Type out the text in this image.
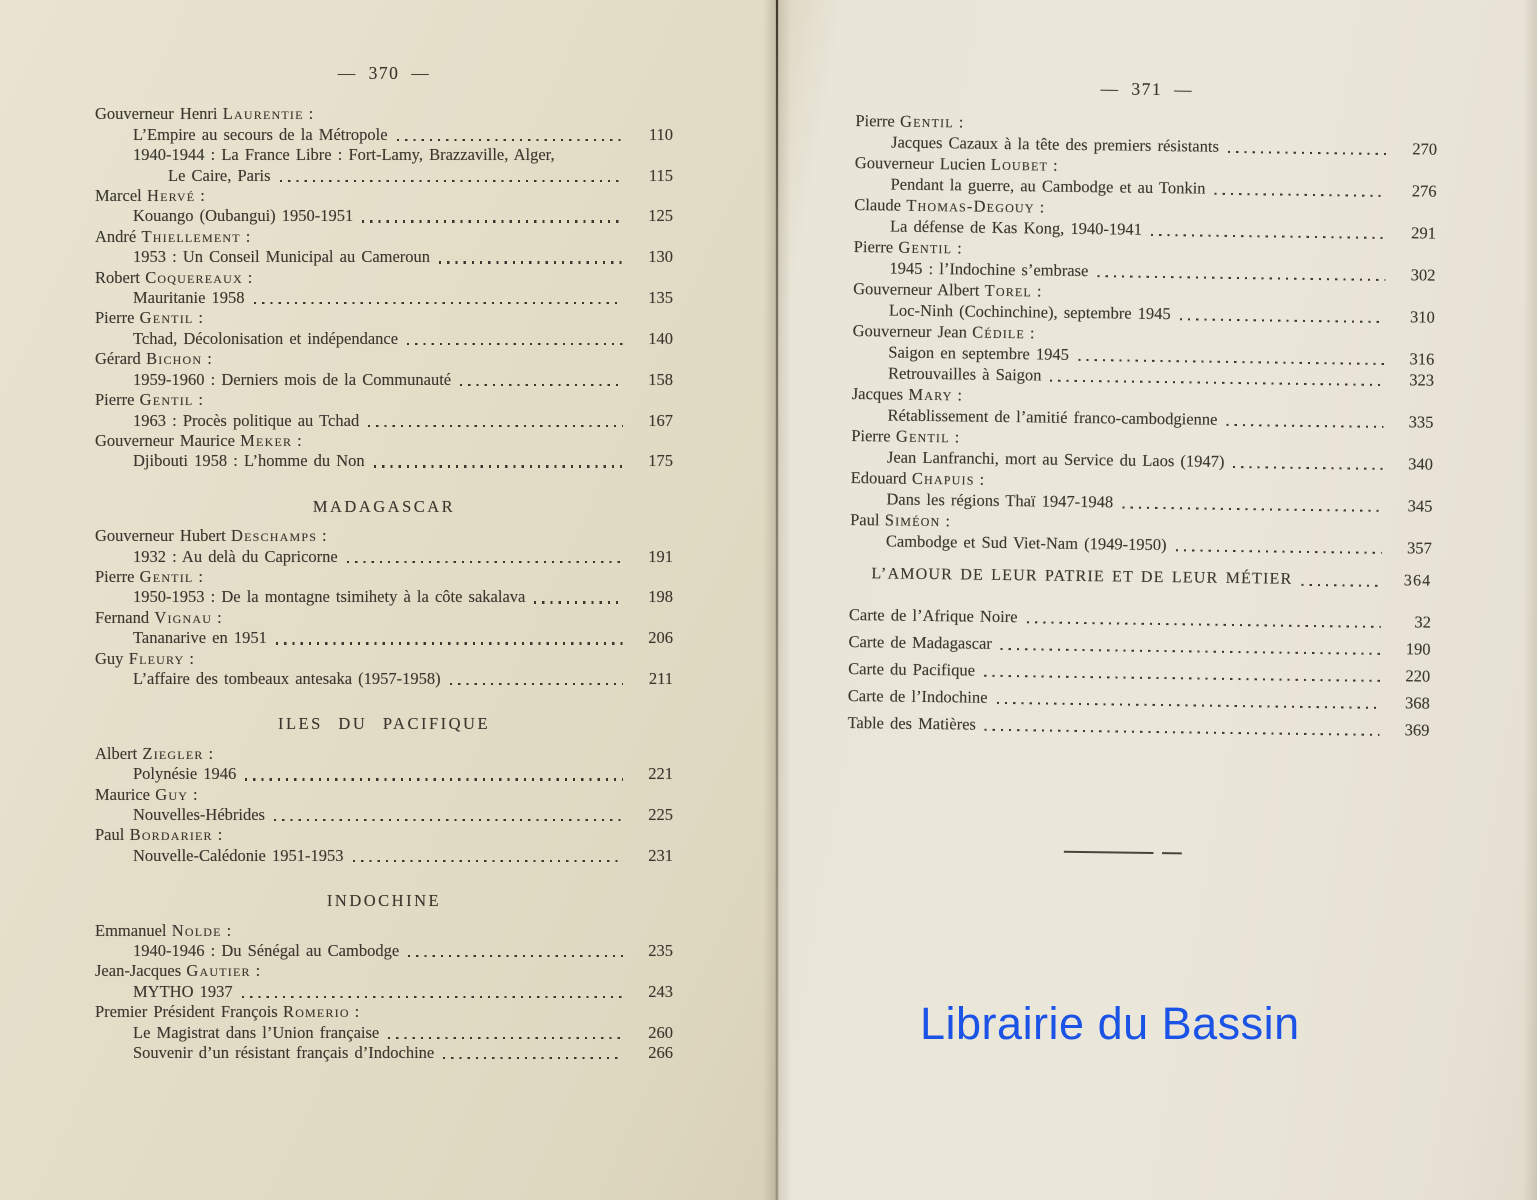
— 370 —
Gouverneur Henri Laurentie :
L’Empire au secours de la Métropole	110
1940-1944 : La France Libre : Fort-Lamy, Brazzaville, Alger,
Le Caire, Paris	115
Marcel Hervé :
Kouango (Oubangui) 1950-1951	125
André Thiellement :
1953 : Un Conseil Municipal au Cameroun	130
Robert Coquereaux :
Mauritanie 1958	135
Pierre Gentil :
Tchad, Décolonisation et indépendance	140
Gérard Bichon :
1959-1960 : Derniers mois de la Communauté	158
Pierre Gentil :
1963 : Procès politique au Tchad	167
Gouverneur Maurice Meker :
Djibouti 1958 : L’homme du Non	175
MADAGASCAR
Gouverneur Hubert Deschamps :
1932 : Au delà du Capricorne	191
Pierre Gentil :
1950-1953 : De la montagne tsimihety à la côte sakalava	198
Fernand Vignau :
Tananarive en 1951	206
Guy Fleury :
L’affaire des tombeaux antesaka (1957-1958)	211
ILES DU PACIFIQUE
Albert Ziegler :
Polynésie 1946	221
Maurice Guy :
Nouvelles-Hébrides	225
Paul Bordarier :
Nouvelle-Calédonie 1951-1953	231
INDOCHINE
Emmanuel Nolde :
1940-1946 : Du Sénégal au Cambodge	235
Jean-Jacques Gautier :
MYTHO 1937	243
Premier Président François Romerio :
Le Magistrat dans l’Union française	260
Souvenir d’un résistant français d’Indochine	266
— 371 —
Pierre Gentil :
Jacques Cazaux à la tête des premiers résistants	270
Gouverneur Lucien Loubet :
Pendant la guerre, au Cambodge et au Tonkin	276
Claude Thomas-Degouy :
La défense de Kas Kong, 1940-1941	291
Pierre Gentil :
1945 : l’Indochine s’embrase	302
Gouverneur Albert Torel :
Loc-Ninh (Cochinchine), septembre 1945	310
Gouverneur Jean Cédile :
Saigon en septembre 1945	316
Retrouvailles à Saigon	323
Jacques Mary :
Rétablissement de l’amitié franco-cambodgienne	335
Pierre Gentil :
Jean Lanfranchi, mort au Service du Laos (1947)	340
Edouard Chapuis :
Dans les régions Thaï 1947-1948	345
Paul Siméon :
Cambodge et Sud Viet-Nam (1949-1950)	357
L’AMOUR DE LEUR PATRIE ET DE LEUR MÉTIER	364
Carte de l’Afrique Noire	32
Carte de Madagascar	190
Carte du Pacifique	220
Carte de l’Indochine	368
Table des Matières	369
Librairie du Bassin
